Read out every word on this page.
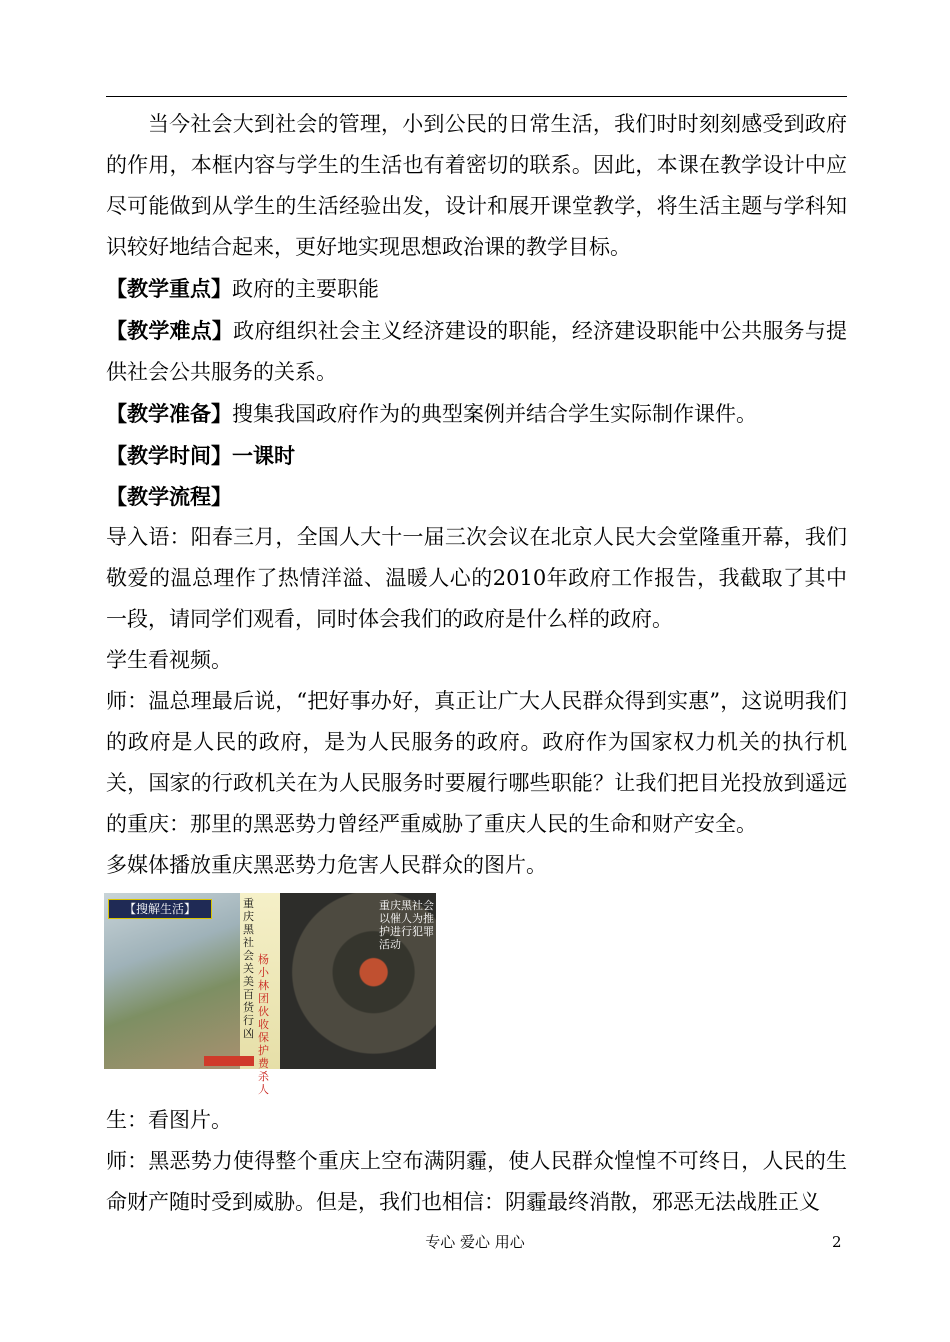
当今社会大到社会的管理，小到公民的日常生活，我们时时刻刻感受到政府的作用，本框内容与学生的生活也有着密切的联系。因此，本课在教学设计中应尽可能做到从学生的生活经验出发，设计和展开课堂教学，将生活主题与学科知识较好地结合起来，更好地实现思想政治课的教学目标。

【教学重点】政府的主要职能

【教学难点】政府组织社会主义经济建设的职能，经济建设职能中公共服务与提供社会公共服务的关系。

【教学准备】搜集我国政府作为的典型案例并结合学生实际制作课件。

【教学时间】一课时

【教学流程】

导入语：阳春三月，全国人大十一届三次会议在北京人民大会堂隆重开幕，我们敬爱的温总理作了热情洋溢、温暖人心的2010年政府工作报告，我截取了其中一段，请同学们观看，同时体会我们的政府是什么样的政府。

学生看视频。

师：温总理最后说，“把好事办好，真正让广大人民群众得到实惠”，这说明我们的政府是人民的政府，是为人民服务的政府。政府作为国家权力机关的执行机关，国家的行政机关在为人民服务时要履行哪些职能？让我们把目光投放到遥远的重庆：那里的黑恶势力曾经严重威胁了重庆人民的生命和财产安全。

多媒体播放重庆黑恶势力危害人民群众的图片。

【搜解生活】	重庆黑社会关美百货行凶
杨小林团伙收保护费杀人
重庆黑社会以催人为推护进行犯罪活动

生：看图片。

师：黑恶势力使得整个重庆上空布满阴霾，使人民群众惶惶不可终日，人民的生命财产随时受到威胁。但是，我们也相信：阴霾最终消散，邪恶无法战胜正义

专心 爱心 用心	2
